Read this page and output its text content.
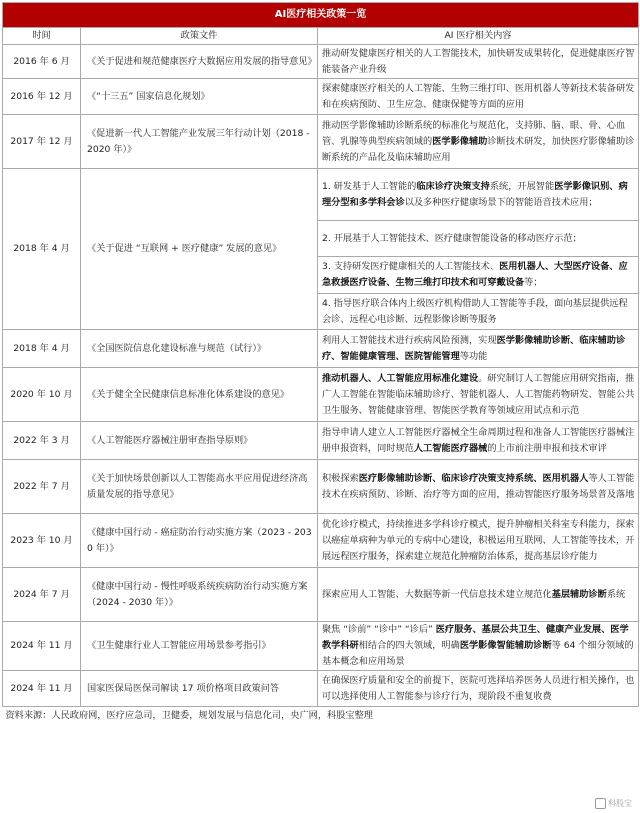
AI医疗相关政策一览		
时间	政策文件	AI 医疗相关内容
2016 年 6 月	《关于促进和规范健康医疗大数据应用发展的指导意见》	推动研发健康医疗相关的人工智能技术，加快研发成果转化，促进健康医疗智能装备产业升级
2016 年 12 月	《“十三五” 国家信息化规划》	探索健康医疗相关的人工智能、生物三维打印、医用机器人等新技术装备研发和在疾病预防、卫生应急、健康保健等方面的应用
2017 年 12 月	《促进新一代人工智能产业发展三年行动计划（2018 - 2020 年）》	推动医学影像辅助诊断系统的标准化与规范化，支持肺、脑、眼、骨、心血管、乳腺等典型疾病领域的医学影像辅助诊断技术研发，加快医疗影像辅助诊断系统的产品化及临床辅助应用
2018 年 4 月	《关于促进 “互联网 + 医疗健康” 发展的意见》	1. 研发基于人工智能的临床诊疗决策支持系统，开展智能医学影像识别、病理分型和多学科会诊以及多种医疗健康场景下的智能语音技术应用；
		2. 开展基于人工智能技术、医疗健康智能设备的移动医疗示范；
		3. 支持研发医疗健康相关的人工智能技术、医用机器人、大型医疗设备、应急救援医疗设备、生物三维打印技术和可穿戴设备等；
		4. 指导医疗联合体内上级医疗机构借助人工智能等手段，面向基层提供远程会诊、远程心电诊断、远程影像诊断等服务
2018 年 4 月	《全国医院信息化建设标准与规范（试行）》	利用人工智能技术进行疾病风险预测，实现医学影像辅助诊断、临床辅助诊疗、智能健康管理、医院智能管理等功能
2020 年 10 月	《关于健全全民健康信息标准化体系建设的意见》	推动机器人、人工智能应用标准化建设。研究制订人工智能应用研究指南，推广人工智能在智能临床辅助诊疗、智能机器人、人工智能药物研发、智能公共卫生服务、智能健康管理、智能医学教育等领域应用试点和示范
2022 年 3 月	《人工智能医疗器械注册审查指导原则》	指导申请人建立人工智能医疗器械全生命周期过程和准备人工智能医疗器械注册申报资料，同时规范人工智能医疗器械的上市前注册申报和技术审评
2022 年 7 月	《关于加快场景创新以人工智能高水平应用促进经济高质量发展的指导意见》	积极探索医疗影像辅助诊断、临床诊疗决策支持系统、医用机器人等人工智能技术在疾病预防、诊断、治疗等方面的应用，推动智能医疗服务场景普及落地
2023 年 10 月	《健康中国行动 - 癌症防治行动实施方案（2023 - 2030 年）》	优化诊疗模式，持续推进多学科诊疗模式，提升肿瘤相关科室专科能力，探索以癌症单病种为单元的专病中心建设，积极运用互联网、人工智能等技术，开展远程医疗服务，探索建立规范化肿瘤防治体系，提高基层诊疗能力
2024 年 7 月	《健康中国行动 - 慢性呼吸系统疾病防治行动实施方案（2024 - 2030 年）》	探索应用人工智能、大数据等新一代信息技术建立规范化基层辅助诊断系统
2024 年 11 月	《卫生健康行业人工智能应用场景参考指引》	聚焦 “诊前” “诊中” “诊后” 医疗服务、基层公共卫生、健康产业发展、医学教学科研相结合的四大领域，明确医学影像智能辅助诊断等 64 个细分领域的基本概念和应用场景
2024 年 11 月	国家医保局医保司解读 17 项价格项目政策问答	在确保医疗质量和安全的前提下，医院可选择培养医务人员进行相关操作，也可以选择使用人工智能参与诊疗行为，现阶段不重复收费
资料来源：人民政府网，医疗应急司，卫健委，规划发展与信息化司，央广网，科股宝整理		
科股宝
